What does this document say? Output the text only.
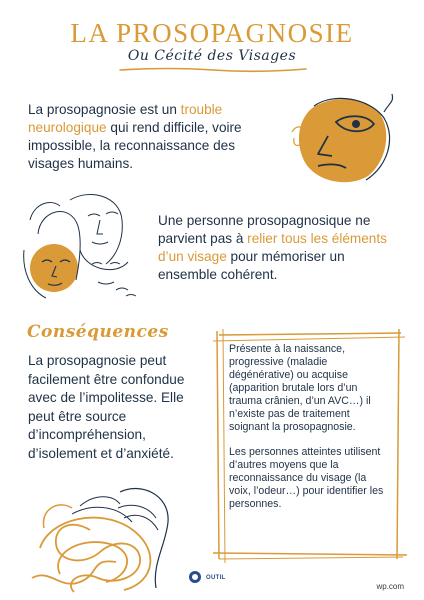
LA PROSOPAGNOSIE
Ou Cécité des Visages

La prosopagnosie est un trouble neurologique qui rend difficile, voire impossible, la reconnaissance des visages humains.

Une personne prosopagnosique ne parvient pas à relier tous les éléments d’un visage pour mémoriser un ensemble cohérent.

Conséquences

La prosopagnosie peut facilement être confondue avec de l’impolitesse. Elle peut être source d’incompréhension, d’isolement et d’anxiété.

Présente à la naissance, progressive (maladie dégénérative) ou acquise (apparition brutale lors d’un trauma crânien, d’un AVC…) il n’existe pas de traitement soignant la prosopagnosie.

Les personnes atteintes utilisent d’autres moyens que la reconnaissance du visage (la voix, l’odeur…) pour identifier les personnes.

OUTIL
wp.com
